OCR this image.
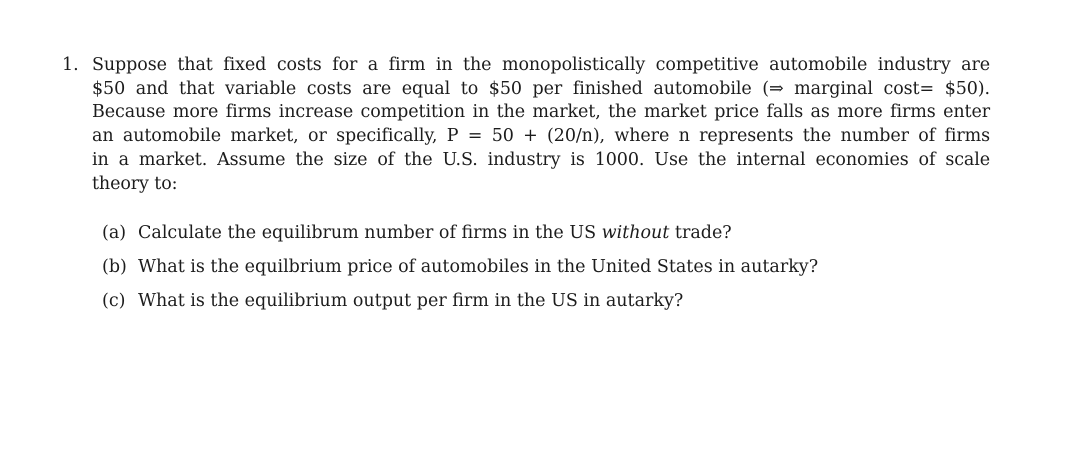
1. Suppose that fixed costs for a firm in the monopolistically competitive automobile industry are
$50 and that variable costs are equal to $50 per finished automobile (⇒ marginal cost= $50).
Because more firms increase competition in the market, the market price falls as more firms enter
an automobile market, or specifically, P = 50 + (20/n), where n represents the number of firms
in a market. Assume the size of the U.S. industry is 1000. Use the internal economies of scale
theory to:
(a) Calculate the equilibrum number of firms in the US without trade?
(b) What is the equilbrium price of automobiles in the United States in autarky?
(c) What is the equilibrium output per firm in the US in autarky?
